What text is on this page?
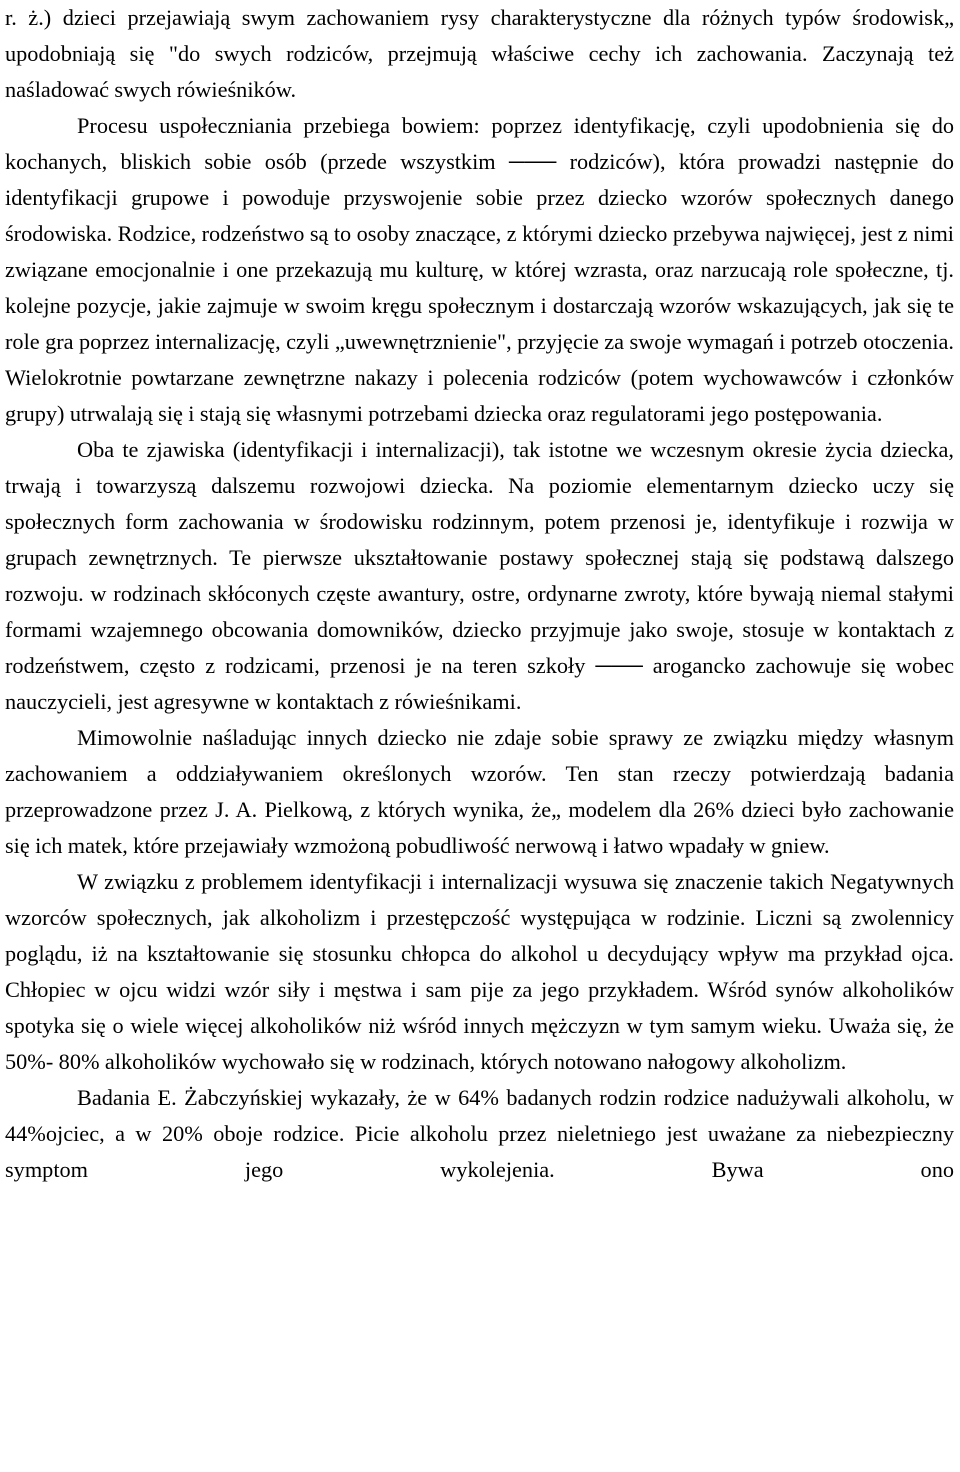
r. ż.) dzieci przejawiają swym zachowaniem rysy charakterystyczne dla różnych typów środowisk„ upodobniają się "do swych rodziców, przejmują właściwe cechy ich zachowania. Zaczynają też naśladować swych rówieśników.

Procesu uspołeczniania przebiega bowiem: poprzez identyfikację, czyli upodobnienia się do kochanych, bliskich sobie osób (przede wszystkim ─── rodziców), która prowadzi następnie do identyfikacji grupowe i powoduje przyswojenie sobie przez dziecko wzorów społecznych danego środowiska. Rodzice, rodzeństwo są to osoby znaczące, z którymi dziecko przebywa najwięcej, jest z nimi związane emocjonalnie i one przekazują mu kulturę, w której wzrasta, oraz narzucają role społeczne, tj. kolejne pozycje, jakie zajmuje w swoim kręgu społecznym i dostarczają wzorów wskazujących, jak się te role gra poprzez internalizację, czyli „uwewnętrznienie", przyjęcie za swoje wymagań i potrzeb otoczenia. Wielokrotnie powtarzane zewnętrzne nakazy i polecenia rodziców (potem wychowawców i członków grupy) utrwalają się i stają się własnymi potrzebami dziecka oraz regulatorami jego postępowania.

Oba te zjawiska (identyfikacji i internalizacji), tak istotne we wczesnym okresie życia dziecka, trwają i towarzyszą dalszemu rozwojowi dziecka. Na poziomie elementarnym dziecko uczy się społecznych form zachowania w środowisku rodzinnym, potem przenosi je, identyfikuje i rozwija w grupach zewnętrznych. Te pierwsze ukształtowanie postawy społecznej stają się podstawą dalszego rozwoju. w rodzinach skłóconych częste awantury, ostre, ordynarne zwroty, które bywają niemal stałymi formami wzajemnego obcowania domowników, dziecko przyjmuje jako swoje, stosuje w kontaktach z rodzeństwem, często z rodzicami, przenosi je na teren szkoły ─── arogancko zachowuje się wobec nauczycieli, jest agresywne w kontaktach z rówieśnikami.

Mimowolnie naśladując innych dziecko nie zdaje sobie sprawy ze związku między własnym zachowaniem a oddziaływaniem określonych wzorów. Ten stan rzeczy potwierdzają badania przeprowadzone przez J. A. Pielkową, z których wynika, że„ modelem dla 26% dzieci było zachowanie się ich matek, które przejawiały wzmożoną pobudliwość nerwową i łatwo wpadały w gniew.

W związku z problemem identyfikacji i internalizacji wysuwa się znaczenie takich Negatywnych wzorców społecznych, jak alkoholizm i przestępczość występująca w rodzinie. Liczni są zwolennicy poglądu, iż na kształtowanie się stosunku chłopca do alkohol u decydujący wpływ ma przykład ojca. Chłopiec w ojcu widzi wzór siły i męstwa i sam pije za jego przykładem. Wśród synów alkoholików spotyka się o wiele więcej alkoholików niż wśród innych mężczyzn w tym samym wieku. Uważa się, że 50%- 80% alkoholików wychowało się w rodzinach, których notowano nałogowy alkoholizm.

Badania E. Żabczyńskiej wykazały, że w 64% badanych rodzin rodzice nadużywali alkoholu, w 44%ojciec, a w 20% oboje rodzice. Picie alkoholu przez nieletniego jest uważane za niebezpieczny symptom jego wykolejenia. Bywa ono
